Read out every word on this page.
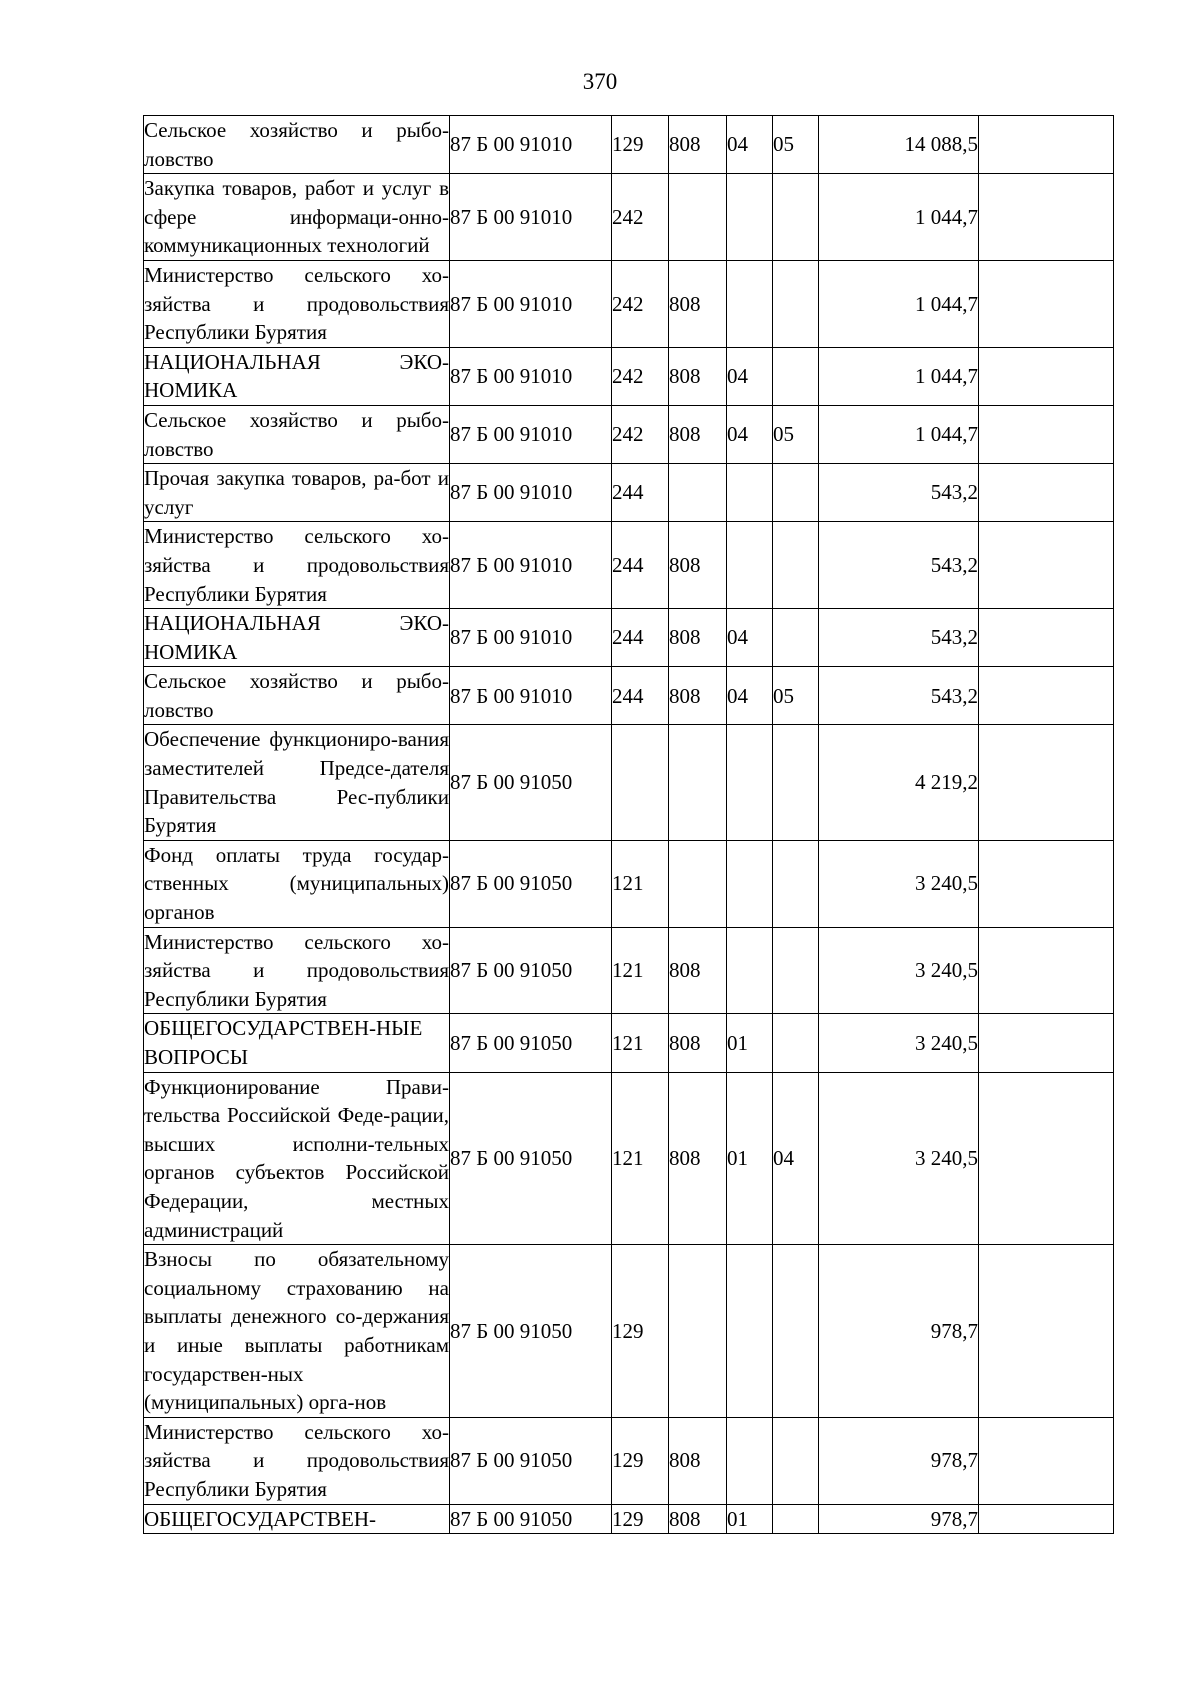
370
Сельское хозяйство и рыбо-ловство	87 Б 00 91010	129	808	04	05	14 088,5	
Закупка товаров, работ и услуг в сфере информаци-онно-коммуникационных технологий	87 Б 00 91010	242				1 044,7	
Министерство сельского хо-зяйства и продовольствия Республики Бурятия	87 Б 00 91010	242	808			1 044,7	
НАЦИОНАЛЬНАЯ ЭКО-НОМИКА	87 Б 00 91010	242	808	04		1 044,7	
Сельское хозяйство и рыбо-ловство	87 Б 00 91010	242	808	04	05	1 044,7	
Прочая закупка товаров, ра-бот и услуг	87 Б 00 91010	244				543,2	
Министерство сельского хо-зяйства и продовольствия Республики Бурятия	87 Б 00 91010	244	808			543,2	
НАЦИОНАЛЬНАЯ ЭКО-НОМИКА	87 Б 00 91010	244	808	04		543,2	
Сельское хозяйство и рыбо-ловство	87 Б 00 91010	244	808	04	05	543,2	
Обеспечение функциониро-вания заместителей Предсе-дателя Правительства Рес-публики Бурятия	87 Б 00 91050					4 219,2	
Фонд оплаты труда государ-ственных (муниципальных) органов	87 Б 00 91050	121				3 240,5	
Министерство сельского хо-зяйства и продовольствия Республики Бурятия	87 Б 00 91050	121	808			3 240,5	
ОБЩЕГОСУДАРСТВЕН-НЫЕ ВОПРОСЫ	87 Б 00 91050	121	808	01		3 240,5	
Функционирование Прави-тельства Российской Феде-рации, высших исполни-тельных органов субъектов Российской Федерации, местных администраций	87 Б 00 91050	121	808	01	04	3 240,5	
Взносы по обязательному социальному страхованию на выплаты денежного со-держания и иные выплаты работникам государствен-ных (муниципальных) орга-нов	87 Б 00 91050	129				978,7	
Министерство сельского хо-зяйства и продовольствия Республики Бурятия	87 Б 00 91050	129	808			978,7	
ОБЩЕГОСУДАРСТВЕН-	87 Б 00 91050	129	808	01		978,7	
